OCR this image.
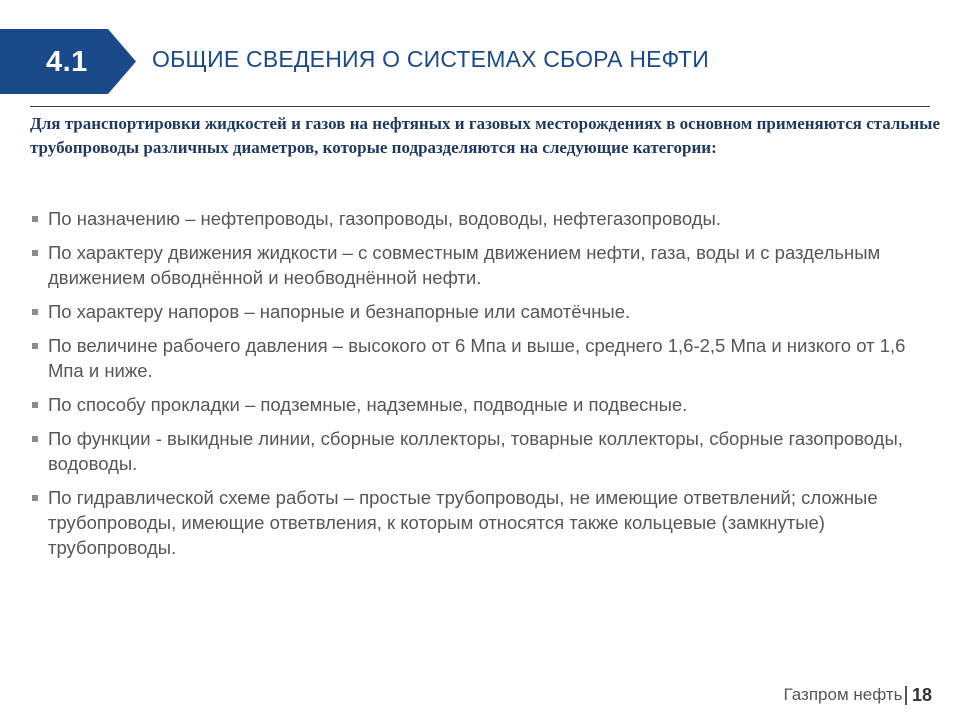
4.1	ОБЩИЕ СВЕДЕНИЯ О СИСТЕМАХ СБОРА НЕФТИ

Для транспортировки жидкостей и газов на нефтяных и газовых месторождениях в основном применяются стальные трубопроводы различных диаметров, которые подразделяются на следующие категории:

По назначению – нефтепроводы, газопроводы, водоводы, нефтегазопроводы.
По характеру движения жидкости – с совместным движением нефти, газа, воды и с раздельным движением обводнённой и необводнённой нефти.
По характеру напоров – напорные и безнапорные или самотёчные.
По величине рабочего давления – высокого от 6 Мпа и выше, среднего 1,6-2,5 Мпа и низкого от 1,6 Мпа и ниже.
По способу прокладки – подземные, надземные, подводные и подвесные.
По функции - выкидные линии, сборные коллекторы, товарные коллекторы, сборные газопроводы, водоводы.
По гидравлической схеме работы – простые трубопроводы, не имеющие ответвлений; сложные трубопроводы, имеющие ответвления, к которым относятся также кольцевые (замкнутые) трубопроводы.
Газпром нефть 18
